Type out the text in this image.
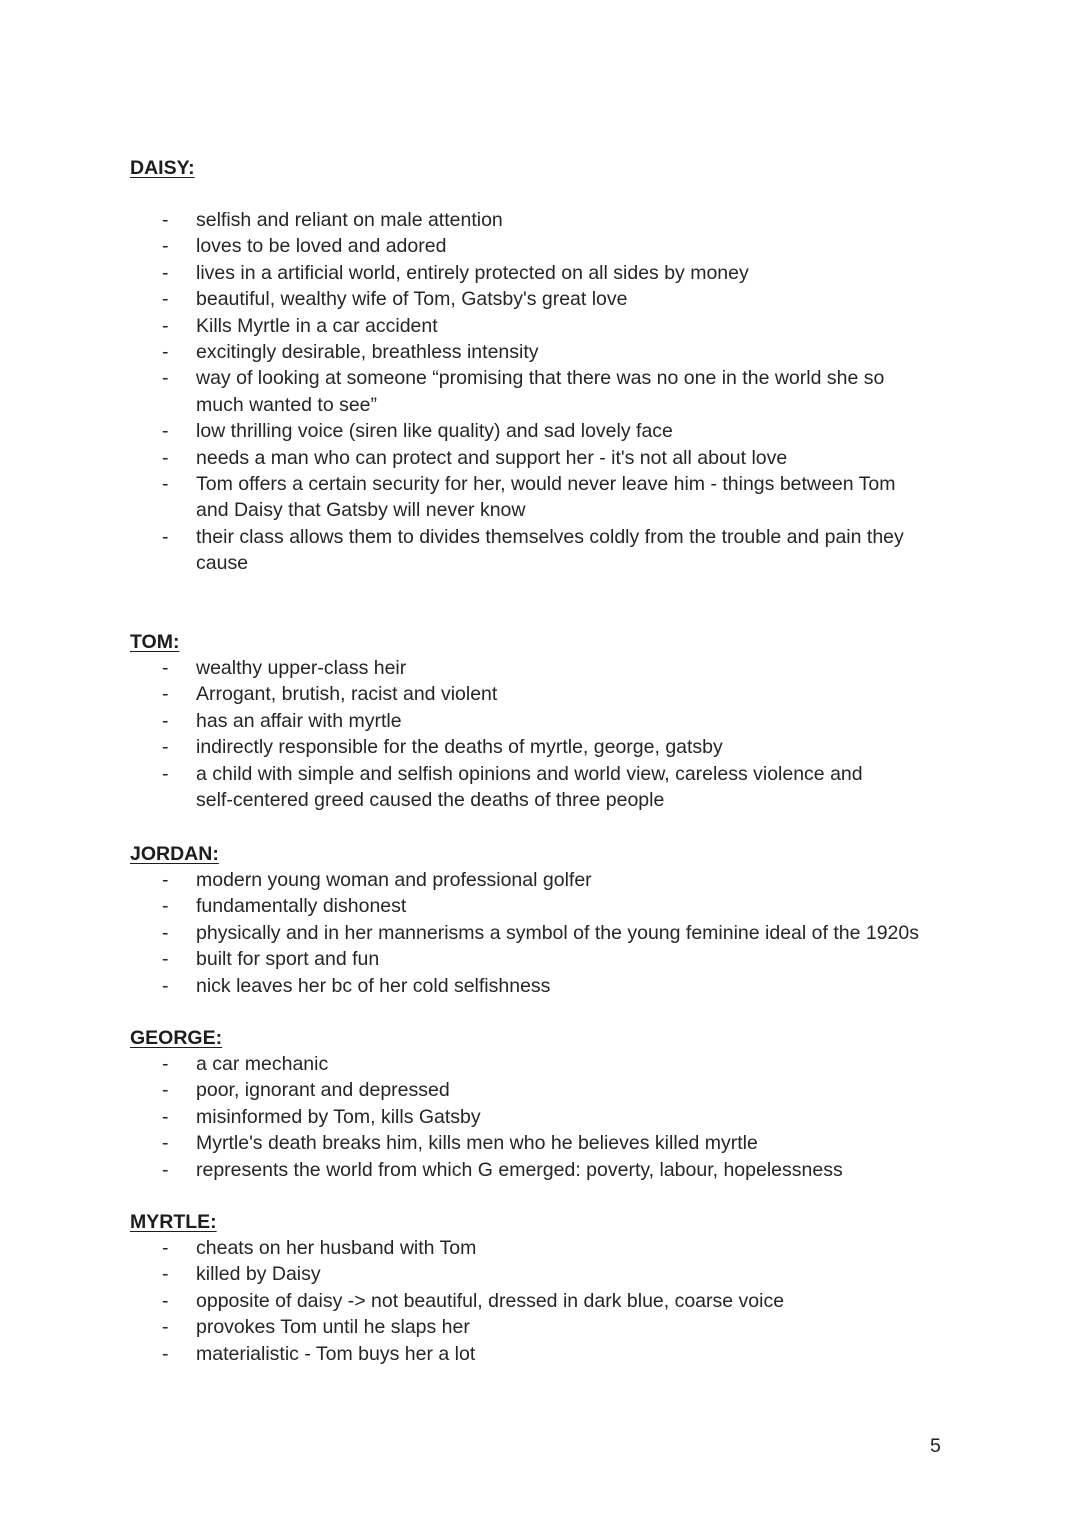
DAISY:
- selfish and reliant on male attention
- loves to be loved and adored
- lives in a artificial world, entirely protected on all sides by money
- beautiful, wealthy wife of Tom, Gatsby's great love
- Kills Myrtle in a car accident
- excitingly desirable, breathless intensity
- way of looking at someone “promising that there was no one in the world she so much wanted to see”
- low thrilling voice (siren like quality) and sad lovely face
- needs a man who can protect and support her - it's not all about love
- Tom offers a certain security for her, would never leave him - things between Tom and Daisy that Gatsby will never know
- their class allows them to divides themselves coldly from the trouble and pain they cause
TOM:
- wealthy upper-class heir
- Arrogant, brutish, racist and violent
- has an affair with myrtle
- indirectly responsible for the deaths of myrtle, george, gatsby
- a child with simple and selfish opinions and world view, careless violence and self-centered greed caused the deaths of three people
JORDAN:
- modern young woman and professional golfer
- fundamentally dishonest
- physically and in her mannerisms a symbol of the young feminine ideal of the 1920s
- built for sport and fun
- nick leaves her bc of her cold selfishness
GEORGE:
- a car mechanic
- poor, ignorant and depressed
- misinformed by Tom, kills Gatsby
- Myrtle's death breaks him, kills men who he believes killed myrtle
- represents the world from which G emerged: poverty, labour, hopelessness
MYRTLE:
- cheats on her husband with Tom
- killed by Daisy
- opposite of daisy -> not beautiful, dressed in dark blue, coarse voice
- provokes Tom until he slaps her
- materialistic - Tom buys her a lot
5
